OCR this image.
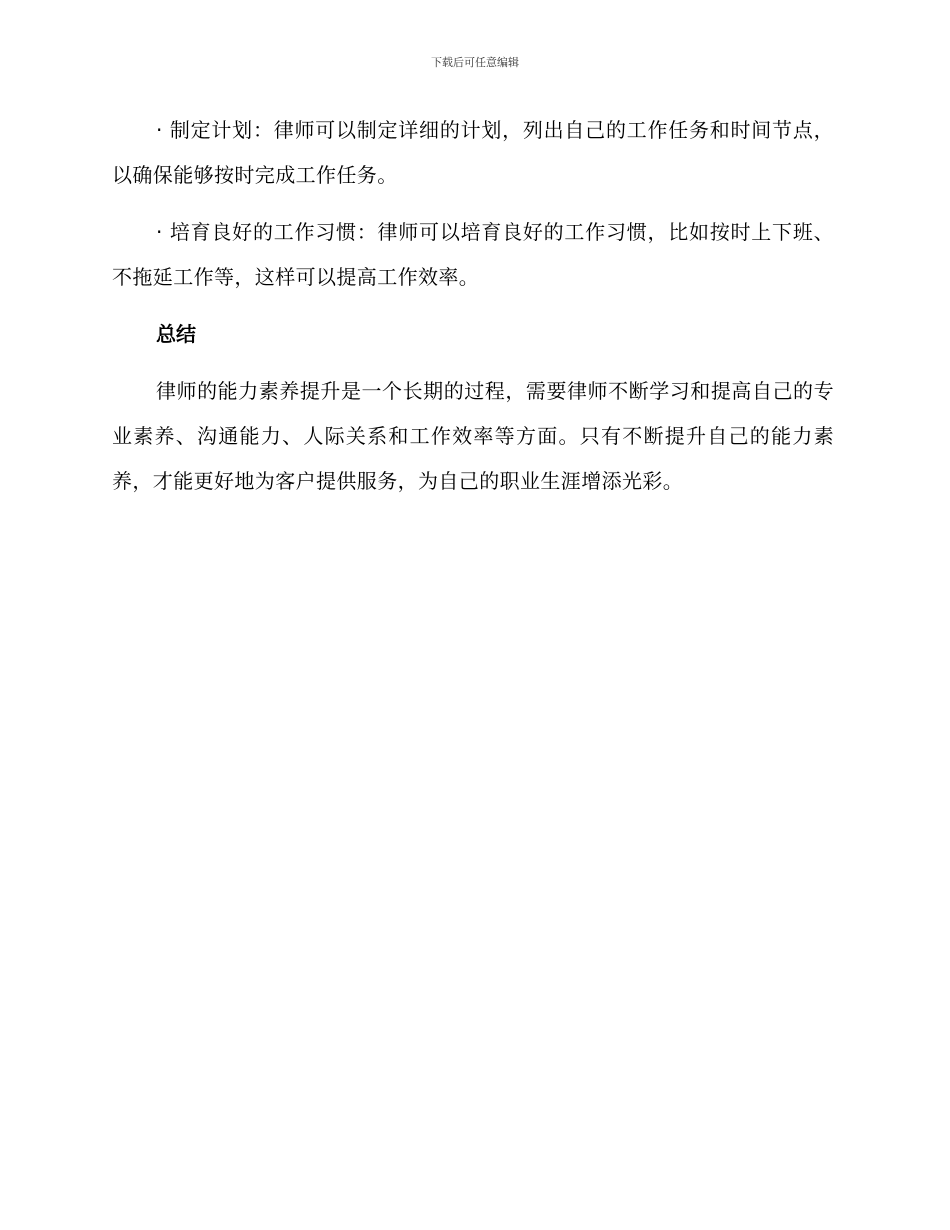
下载后可任意编辑

· 制定计划：律师可以制定详细的计划，列出自己的工作任务和时间节点，以确保能够按时完成工作任务。

· 培育良好的工作习惯：律师可以培育良好的工作习惯，比如按时上下班、不拖延工作等，这样可以提高工作效率。

总结

律师的能力素养提升是一个长期的过程，需要律师不断学习和提高自己的专业素养、沟通能力、人际关系和工作效率等方面。只有不断提升自己的能力素养，才能更好地为客户提供服务，为自己的职业生涯增添光彩。
